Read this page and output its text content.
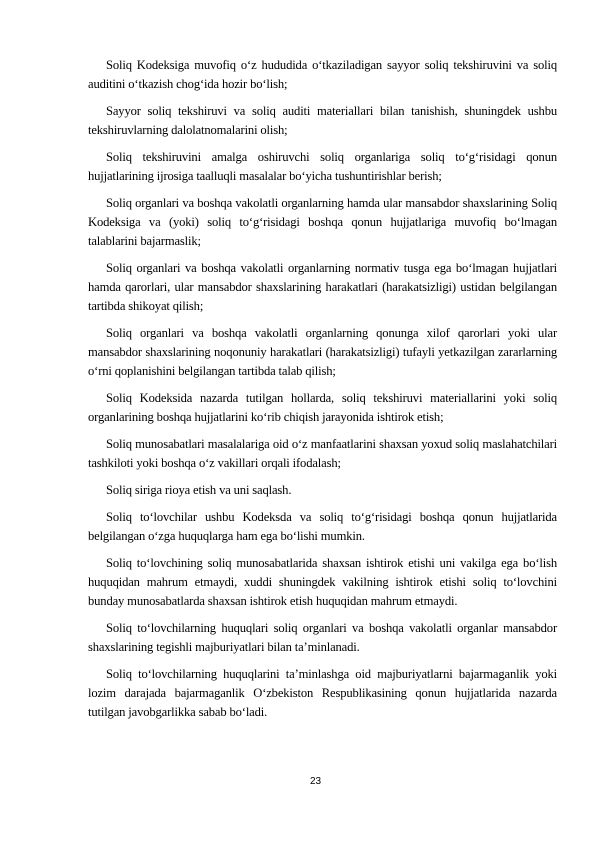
Soliq Kodeksiga muvofiq o‘z hududida o‘tkaziladigan sayyor soliq tekshiruvini va soliq auditini o‘tkazish chog‘ida hozir bo‘lish;

Sayyor soliq tekshiruvi va soliq auditi materiallari bilan tanishish, shuningdek ushbu tekshiruvlarning dalolatnomalarini olish;

Soliq tekshiruvini amalga oshiruvchi soliq organlariga soliq to‘g‘risidagi qonun hujjatlarining ijrosiga taalluqli masalalar bo‘yicha tushuntirishlar berish;

Soliq organlari va boshqa vakolatli organlarning hamda ular mansabdor shaxslarining Soliq Kodeksiga va (yoki) soliq to‘g‘risidagi boshqa qonun hujjatlariga muvofiq bo‘lmagan talablarini bajarmaslik;

Soliq organlari va boshqa vakolatli organlarning normativ tusga ega bo‘lmagan hujjatlari hamda qarorlari, ular mansabdor shaxslarining harakatlari (harakatsizligi) ustidan belgilangan tartibda shikoyat qilish;

Soliq organlari va boshqa vakolatli organlarning qonunga xilof qarorlari yoki ular mansabdor shaxslarining noqonuniy harakatlari (harakatsizligi) tufayli yetkazilgan zararlarning o‘rni qoplanishini belgilangan tartibda talab qilish;

Soliq Kodeksida nazarda tutilgan hollarda, soliq tekshiruvi materiallarini yoki soliq organlarining boshqa hujjatlarini ko‘rib chiqish jarayonida ishtirok etish;

Soliq munosabatlari masalalariga oid o‘z manfaatlarini shaxsan yoxud soliq maslahatchilari tashkiloti yoki boshqa o‘z vakillari orqali ifodalash;

Soliq siriga rioya etish va uni saqlash.

Soliq to‘lovchilar ushbu Kodeksda va soliq to‘g‘risidagi boshqa qonun hujjatlarida belgilangan o‘zga huquqlarga ham ega bo‘lishi mumkin.

Soliq to‘lovchining soliq munosabatlarida shaxsan ishtirok etishi uni vakilga ega bo‘lish huquqidan mahrum etmaydi, xuddi shuningdek vakilning ishtirok etishi soliq to‘lovchini bunday munosabatlarda shaxsan ishtirok etish huquqidan mahrum etmaydi.

Soliq to‘lovchilarning huquqlari soliq organlari va boshqa vakolatli organlar mansabdor shaxslarining tegishli majburiyatlari bilan ta’minlanadi.

Soliq to‘lovchilarning huquqlarini ta’minlashga oid majburiyatlarni bajarmaganlik yoki lozim darajada bajarmaganlik O‘zbekiston Respublikasining qonun hujjatlarida nazarda tutilgan javobgarlikka sabab bo‘ladi.

23
